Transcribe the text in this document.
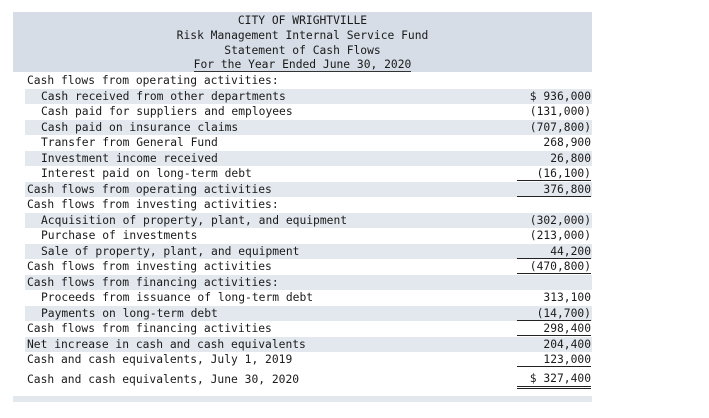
CITY OF WRIGHTVILLE
Risk Management Internal Service Fund
Statement of Cash Flows
For the Year Ended June 30, 2020
Cash flows from operating activities:
Cash received from other departments	$ 936,000
Cash paid for suppliers and employees	(131,000)
Cash paid on insurance claims	(707,800)
Transfer from General Fund	268,900
Investment income received	26,800
Interest paid on long-term debt	(16,100)
Cash flows from operating activities	376,800
Cash flows from investing activities:
Acquisition of property, plant, and equipment	(302,000)
Purchase of investments	(213,000)
Sale of property, plant, and equipment	44,200
Cash flows from investing activities	(470,800)
Cash flows from financing activities:
Proceeds from issuance of long-term debt	313,100
Payments on long-term debt	(14,700)
Cash flows from financing activities	298,400
Net increase in cash and cash equivalents	204,400
Cash and cash equivalents, July 1, 2019	123,000
Cash and cash equivalents, June 30, 2020	$ 327,400
